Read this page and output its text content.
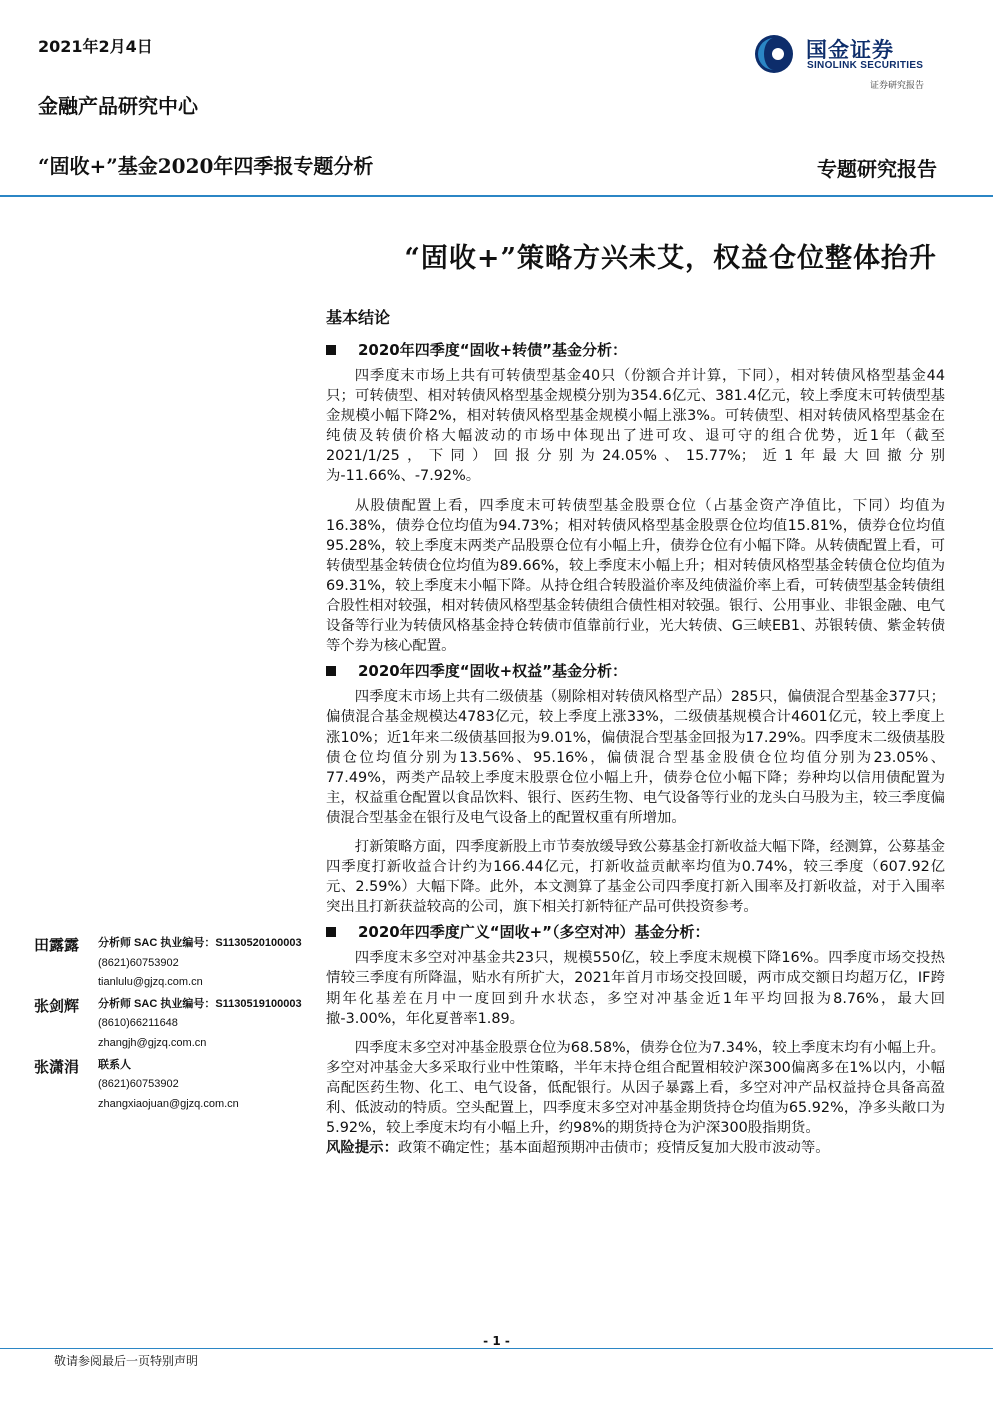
2021年2月4日
金融产品研究中心
国金证券
SINOLINK SECURITIES
证券研究报告
“固收+”基金2020年四季报专题分析	专题研究报告
“固收+”策略方兴未艾，权益仓位整体抬升
基本结论
2020年四季度“固收+转债”基金分析：

四季度末市场上共有可转债型基金40只（份额合并计算，下同），相对转债风格型基金44只；可转债型、相对转债风格型基金规模分别为354.6亿元、381.4亿元，较上季度末可转债型基金规模小幅下降2%，相对转债风格型基金规模小幅上涨3%。可转债型、相对转债风格型基金在纯债及转债价格大幅波动的市场中体现出了进可攻、退可守的组合优势，近1年（截至2021/1/25，下同）回报分别为24.05%、15.77%；近1年最大回撤分别为-11.66%、-7.92%。

从股债配置上看，四季度末可转债型基金股票仓位（占基金资产净值比，下同）均值为16.38%，债券仓位均值为94.73%；相对转债风格型基金股票仓位均值15.81%，债券仓位均值95.28%，较上季度末两类产品股票仓位有小幅上升，债券仓位有小幅下降。从转债配置上看，可转债型基金转债仓位均值为89.66%，较上季度末小幅上升；相对转债风格型基金转债仓位均值为69.31%，较上季度末小幅下降。从持仓组合转股溢价率及纯债溢价率上看，可转债型基金转债组合股性相对较强，相对转债风格型基金转债组合债性相对较强。银行、公用事业、非银金融、电气设备等行业为转债风格基金持仓转债市值靠前行业，光大转债、G三峡EB1、苏银转债、紫金转债等个券为核心配置。

2020年四季度“固收+权益”基金分析：

四季度末市场上共有二级债基（剔除相对转债风格型产品）285只，偏债混合型基金377只；偏债混合基金规模达4783亿元，较上季度上涨33%，二级债基规模合计4601亿元，较上季度上涨10%；近1年来二级债基回报为9.01%，偏债混合型基金回报为17.29%。四季度末二级债基股债仓位均值分别为13.56%、95.16%，偏债混合型基金股债仓位均值分别为23.05%、77.49%，两类产品较上季度末股票仓位小幅上升，债券仓位小幅下降；券种均以信用债配置为主，权益重仓配置以食品饮料、银行、医药生物、电气设备等行业的龙头白马股为主，较三季度偏债混合型基金在银行及电气设备上的配置权重有所增加。

打新策略方面，四季度新股上市节奏放缓导致公募基金打新收益大幅下降，经测算，公募基金四季度打新收益合计约为166.44亿元，打新收益贡献率均值为0.74%，较三季度（607.92亿元、2.59%）大幅下降。此外，本文测算了基金公司四季度打新入围率及打新收益，对于入围率突出且打新获益较高的公司，旗下相关打新特征产品可供投资参考。

2020年四季度广义“固收+”（多空对冲）基金分析：

四季度末多空对冲基金共23只，规模550亿，较上季度末规模下降16%。四季度市场交投热情较三季度有所降温，贴水有所扩大，2021年首月市场交投回暖，两市成交额日均超万亿，IF跨期年化基差在月中一度回到升水状态，多空对冲基金近1年平均回报为8.76%，最大回撤-3.00%，年化夏普率1.89。

四季度末多空对冲基金股票仓位为68.58%，债券仓位为7.34%，较上季度末均有小幅上升。多空对冲基金大多采取行业中性策略，半年末持仓组合配置相较沪深300偏离多在1%以内，小幅高配医药生物、化工、电气设备，低配银行。从因子暴露上看，多空对冲产品权益持仓具备高盈利、低波动的特质。空头配置上，四季度末多空对冲基金期货持仓均值为65.92%，净多头敞口为5.92%，较上季度末均有小幅上升，约98%的期货持仓为沪深300股指期货。

风险提示：政策不确定性；基本面超预期冲击债市；疫情反复加大股市波动等。

田露露 分析师 SAC 执业编号：S1130520100003
(8621)60753902
tianlulu@gjzq.com.cn
张剑辉 分析师 SAC 执业编号：S1130519100003
(8610)66211648
zhangjh@gjzq.com.cn
张潇涓 联系人
(8621)60753902
zhangxiaojuan@gjzq.com.cn
- 1 -
敬请参阅最后一页特别声明
